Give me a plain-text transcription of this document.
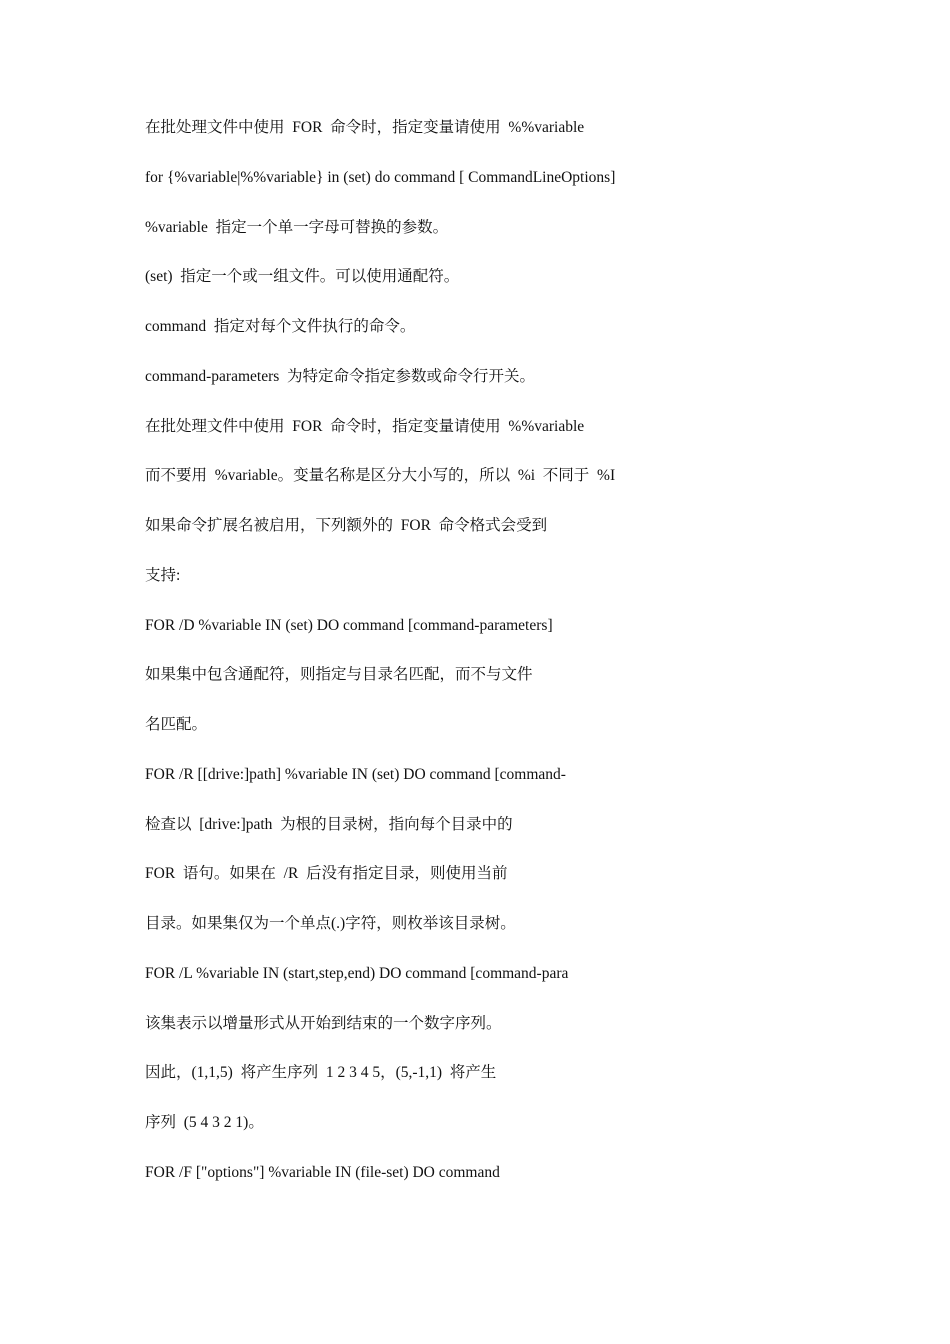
在批处理文件中使用  FOR  命令时，指定变量请使用  %%variable
for {%variable|%%variable} in (set) do command [ CommandLineOptions]
%variable  指定一个单一字母可替换的参数。
(set)  指定一个或一组文件。可以使用通配符。
command  指定对每个文件执行的命令。
command-parameters  为特定命令指定参数或命令行开关。
在批处理文件中使用  FOR  命令时，指定变量请使用  %%variable
而不要用  %variable。变量名称是区分大小写的，所以  %i  不同于  %I
如果命令扩展名被启用，下列额外的  FOR  命令格式会受到
支持:
FOR /D %variable IN (set) DO command [command-parameters]
如果集中包含通配符，则指定与目录名匹配，而不与文件
名匹配。
FOR /R [[drive:]path] %variable IN (set) DO command [command-
检查以  [drive:]path  为根的目录树，指向每个目录中的
FOR  语句。如果在  /R  后没有指定目录，则使用当前
目录。如果集仅为一个单点(.)字符，则枚举该目录树。
FOR /L %variable IN (start,step,end) DO command [command-para
该集表示以增量形式从开始到结束的一个数字序列。
因此，(1,1,5)  将产生序列  1 2 3 4 5，(5,-1,1)  将产生
序列  (5 4 3 2 1)。
FOR /F ["options"] %variable IN (file-set) DO command
